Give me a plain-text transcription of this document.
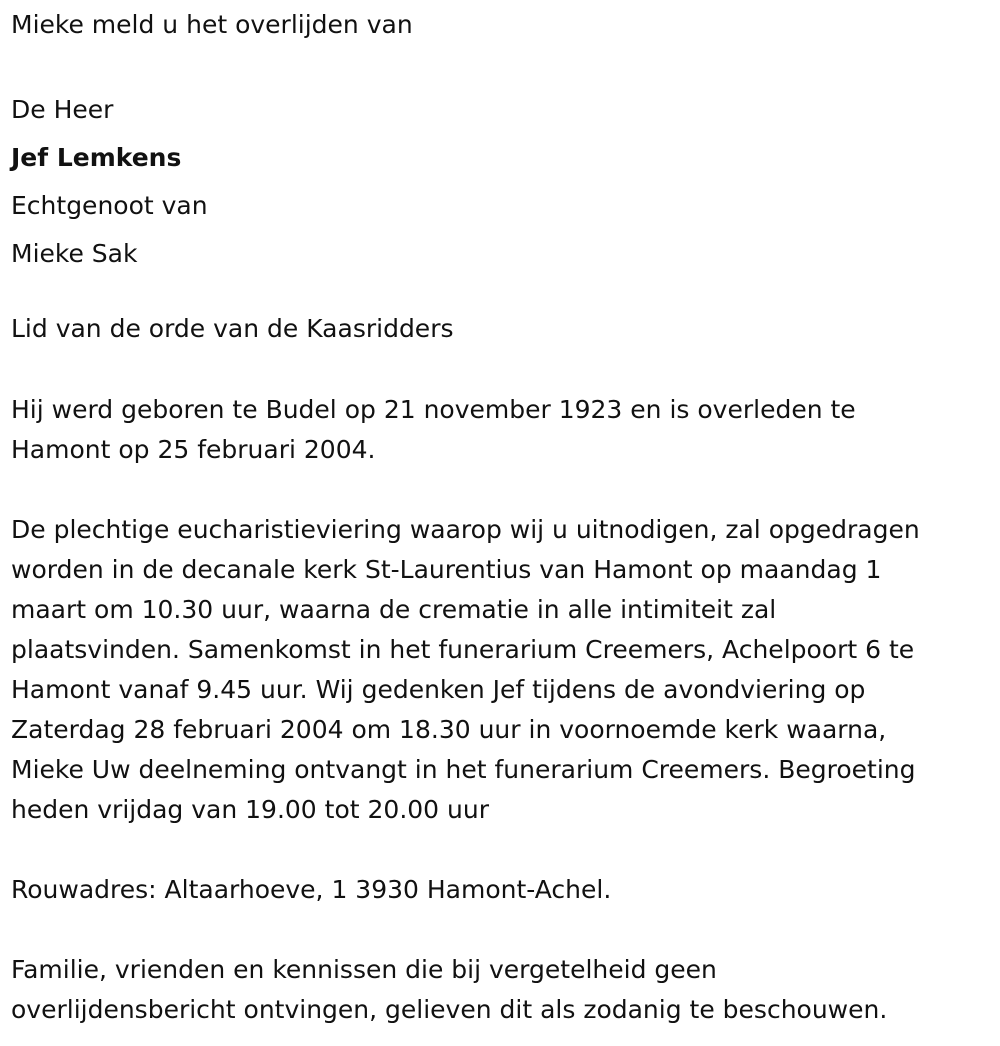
Mieke meld u het overlijden van
De Heer
Jef Lemkens
Echtgenoot van
Mieke Sak
Lid van de orde van de Kaasridders
Hij werd geboren te Budel op 21 november 1923 en is overleden te
Hamont op 25 februari 2004.
De plechtige eucharistieviering waarop wij u uitnodigen, zal opgedragen
worden in de decanale kerk St-Laurentius van Hamont op maandag 1
maart om 10.30 uur, waarna de crematie in alle intimiteit zal
plaatsvinden. Samenkomst in het funerarium Creemers, Achelpoort 6 te
Hamont vanaf 9.45 uur. Wij gedenken Jef tijdens de avondviering op
Zaterdag 28 februari 2004 om 18.30 uur in voornoemde kerk waarna,
Mieke Uw deelneming ontvangt in het funerarium Creemers. Begroeting
heden vrijdag van 19.00 tot 20.00 uur
Rouwadres: Altaarhoeve, 1 3930 Hamont-Achel.
Familie, vrienden en kennissen die bij vergetelheid geen
overlijdensbericht ontvingen, gelieven dit als zodanig te beschouwen.
